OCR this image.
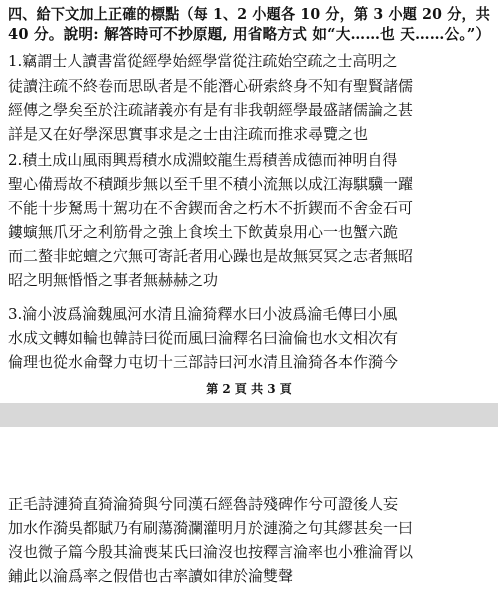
四、給下文加上正確的標點（每 1、2 小題各 10 分，第 3 小題 20 分，共
40 分。說明: 解答時可不抄原題, 用省略方式 如“大……也 天……公。”）
1.竊謂士人讀書當從經學始經學當從注疏始空疏之士高明之
徒讀注疏不終卷而思臥者是不能潛心研索終身不知有聖賢諸儒
經傳之學矣至於注疏諸義亦有是有非我朝經學最盛諸儒論之甚
詳是又在好學深思實事求是之士由注疏而推求尋覽之也
2.積土成山風雨興焉積水成淵蛟龍生焉積善成德而神明自得
聖心備焉故不積蹞步無以至千里不積小流無以成江海騏驥一躍
不能十步駑馬十駕功在不舍鍥而舍之朽木不折鍥而不舍金石可
鏤螾無爪牙之利筋骨之強上食埃土下飲黃泉用心一也蟹六跪
而二螯非蛇蟺之穴無可寄託者用心躁也是故無冥冥之志者無昭
昭之明無惛惛之事者無赫赫之功
3.淪小波爲淪魏風河水清且淪猗釋水曰小波爲淪毛傳曰小風
水成文轉如輪也韓詩曰從而風曰淪釋名曰淪倫也水文相次有
倫理也從水侖聲力屯切十三部詩曰河水清且淪猗各本作漪今
第 2 頁 共 3 頁
正毛詩漣猗直猗淪猗與兮同漢石經魯詩殘碑作兮可證後人妄
加水作漪吳都賦乃有刷蕩漪瀾灌明月於漣漪之句其繆甚矣一曰
沒也微子篇今殷其淪喪某氏曰淪沒也按釋言淪率也小雅淪胥以
鋪此以淪爲率之假借也古率讀如律於淪雙聲
